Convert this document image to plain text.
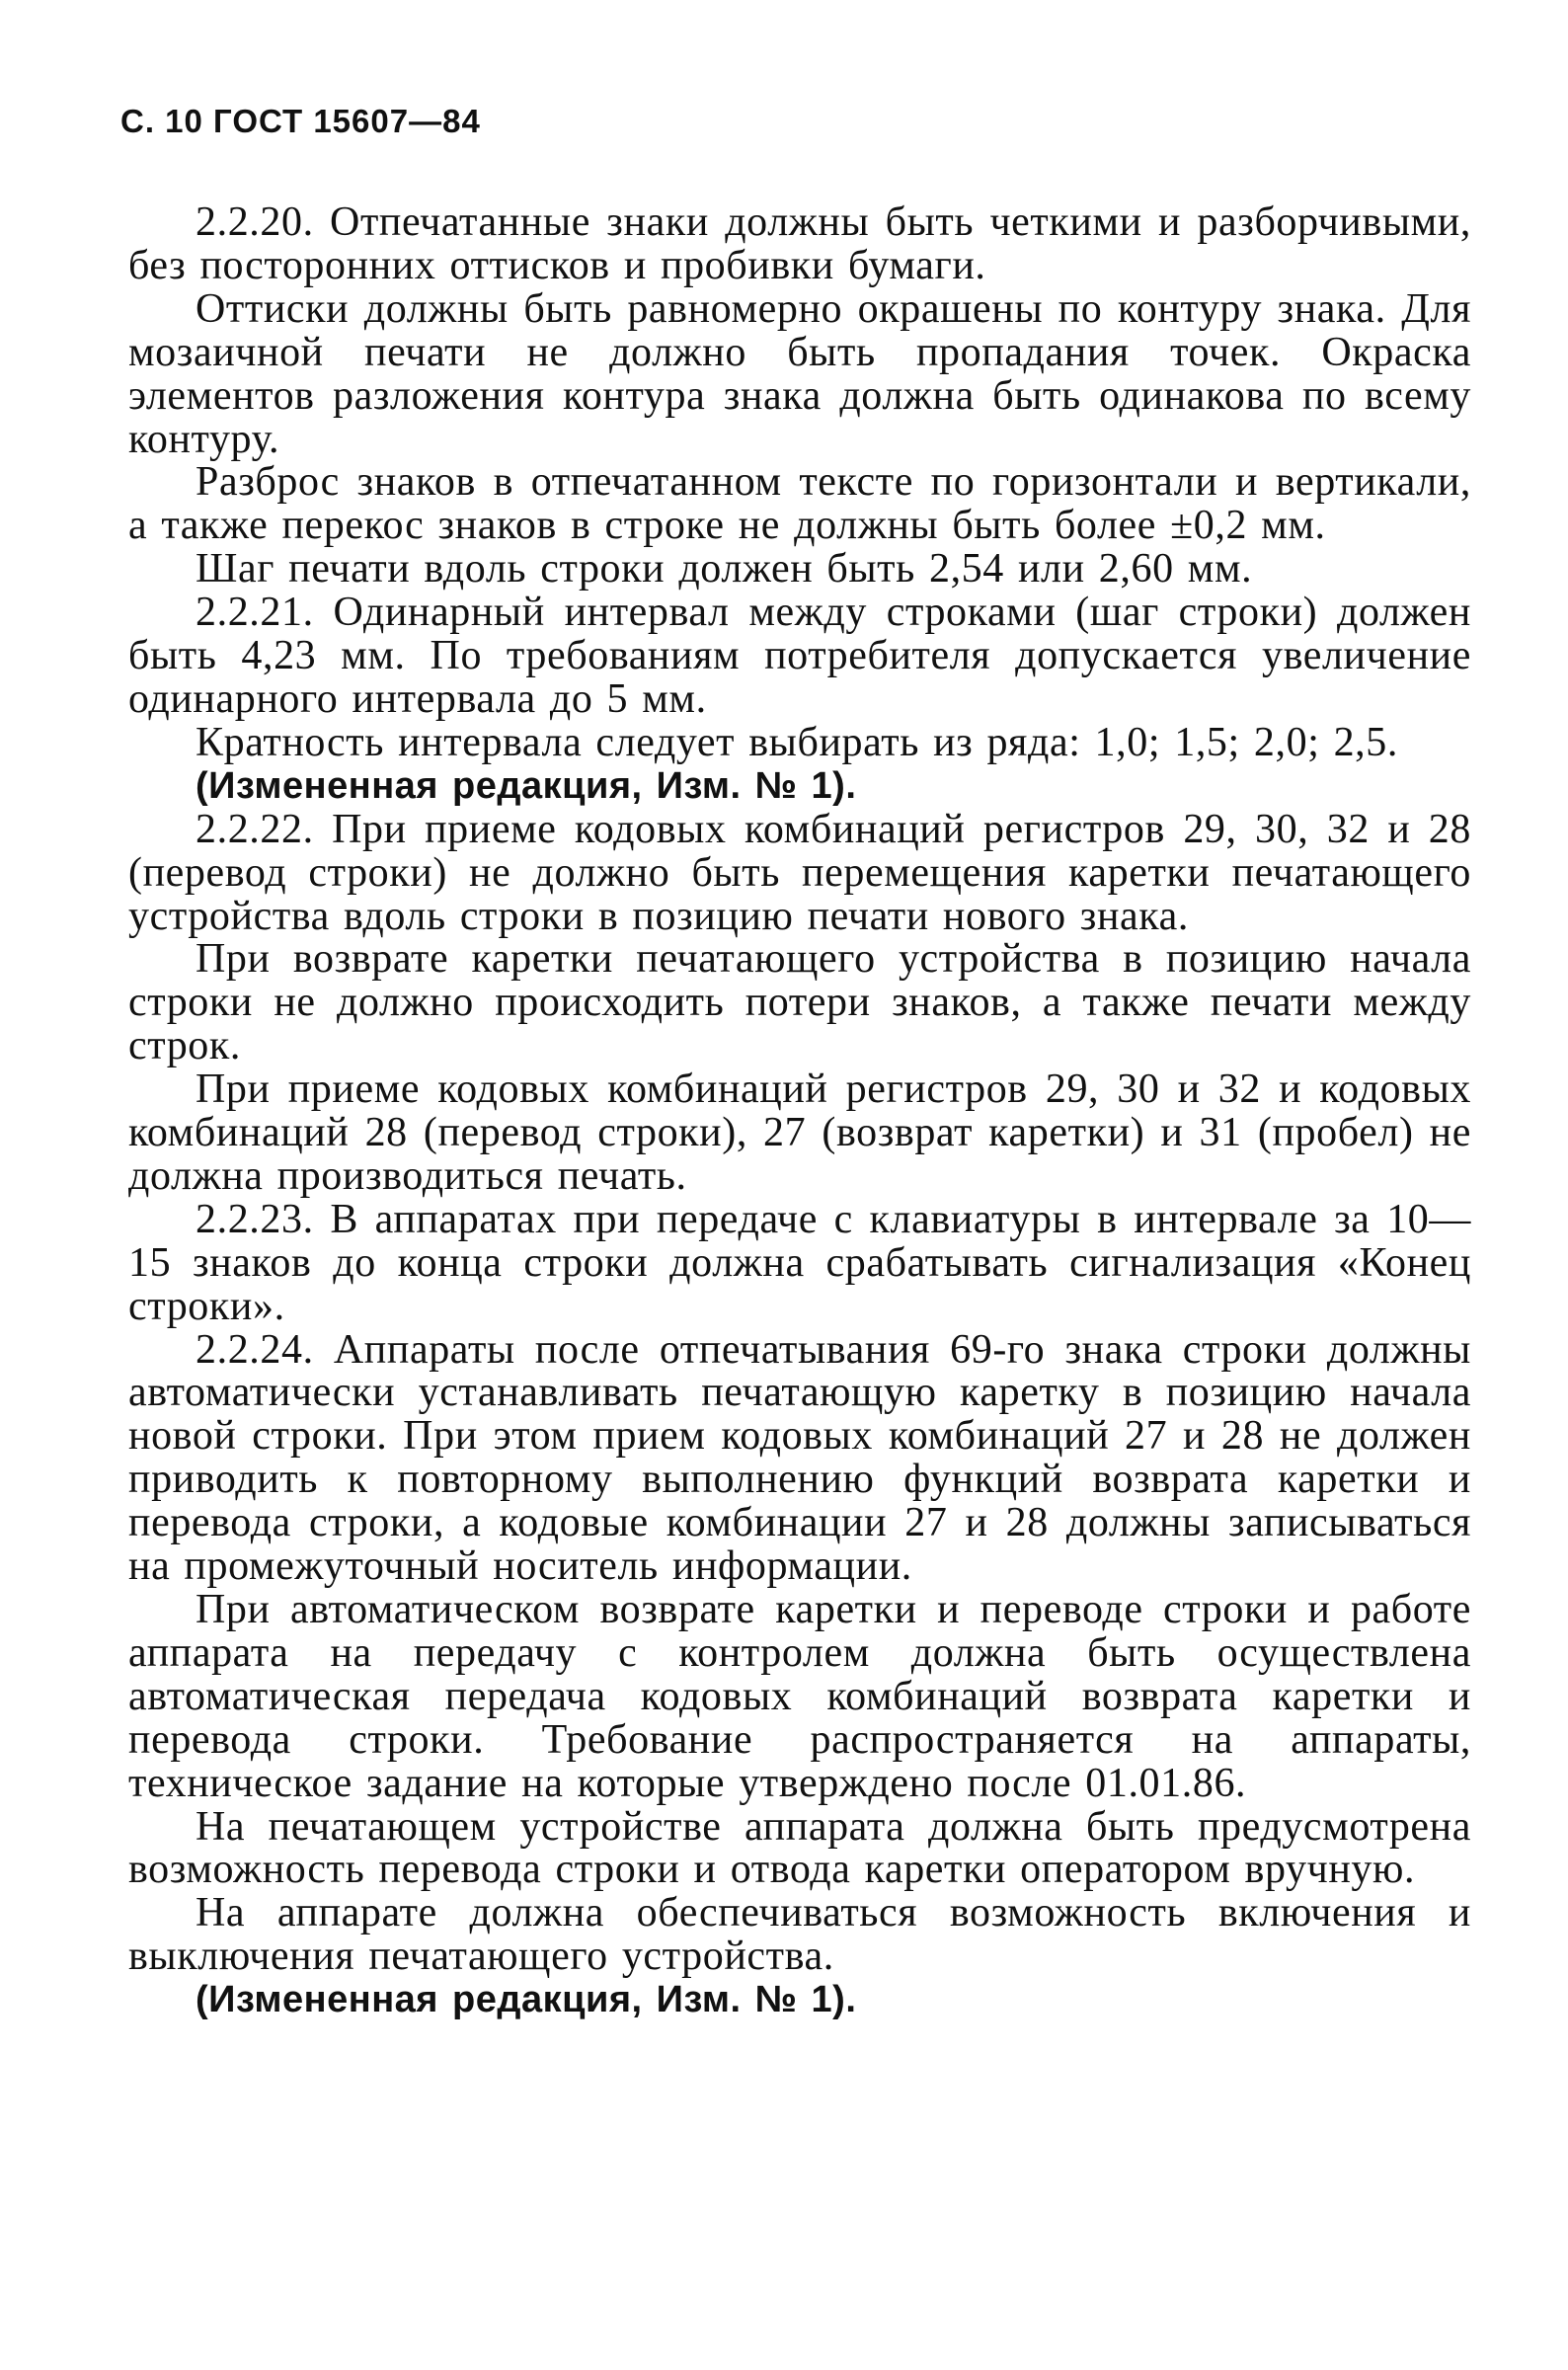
С. 10 ГОСТ 15607—84

2.2.20. Отпечатанные знаки должны быть четкими и разборчивыми, без посторонних оттисков и пробивки бумаги.

Оттиски должны быть равномерно окрашены по контуру знака. Для мозаичной печати не должно быть пропадания точек. Окраска элементов разложения контура знака должна быть одинакова по всему контуру.

Разброс знаков в отпечатанном тексте по горизонтали и вертикали, а также перекос знаков в строке не должны быть более ±0,2 мм.

Шаг печати вдоль строки должен быть 2,54 или 2,60 мм.

2.2.21. Одинарный интервал между строками (шаг строки) должен быть 4,23 мм. По требованиям потребителя допускается увеличение одинарного интервала до 5 мм.

Кратность интервала следует выбирать из ряда: 1,0; 1,5; 2,0; 2,5.

(Измененная редакция, Изм. № 1).

2.2.22. При приеме кодовых комбинаций регистров 29, 30, 32 и 28 (перевод строки) не должно быть перемещения каретки печатающего устройства вдоль строки в позицию печати нового знака.

При возврате каретки печатающего устройства в позицию начала строки не должно происходить потери знаков, а также печати между строк.

При приеме кодовых комбинаций регистров 29, 30 и 32 и кодовых комбинаций 28 (перевод строки), 27 (возврат каретки) и 31 (пробел) не должна производиться печать.

2.2.23. В аппаратах при передаче с клавиатуры в интервале за 10—15 знаков до конца строки должна срабатывать сигнализация «Конец строки».

2.2.24. Аппараты после отпечатывания 69-го знака строки должны автоматически устанавливать печатающую каретку в позицию начала новой строки. При этом прием кодовых комбинаций 27 и 28 не должен приводить к повторному выполнению функций возврата каретки и перевода строки, а кодовые комбинации 27 и 28 должны записываться на промежуточный носитель информации.

При автоматическом возврате каретки и переводе строки и работе аппарата на передачу с контролем должна быть осуществлена автоматическая передача кодовых комбинаций возврата каретки и перевода строки. Требование распространяется на аппараты, техническое задание на которые утверждено после 01.01.86.

На печатающем устройстве аппарата должна быть предусмотрена возможность перевода строки и отвода каретки оператором вручную.

На аппарате должна обеспечиваться возможность включения и выключения печатающего устройства.

(Измененная редакция, Изм. № 1).
